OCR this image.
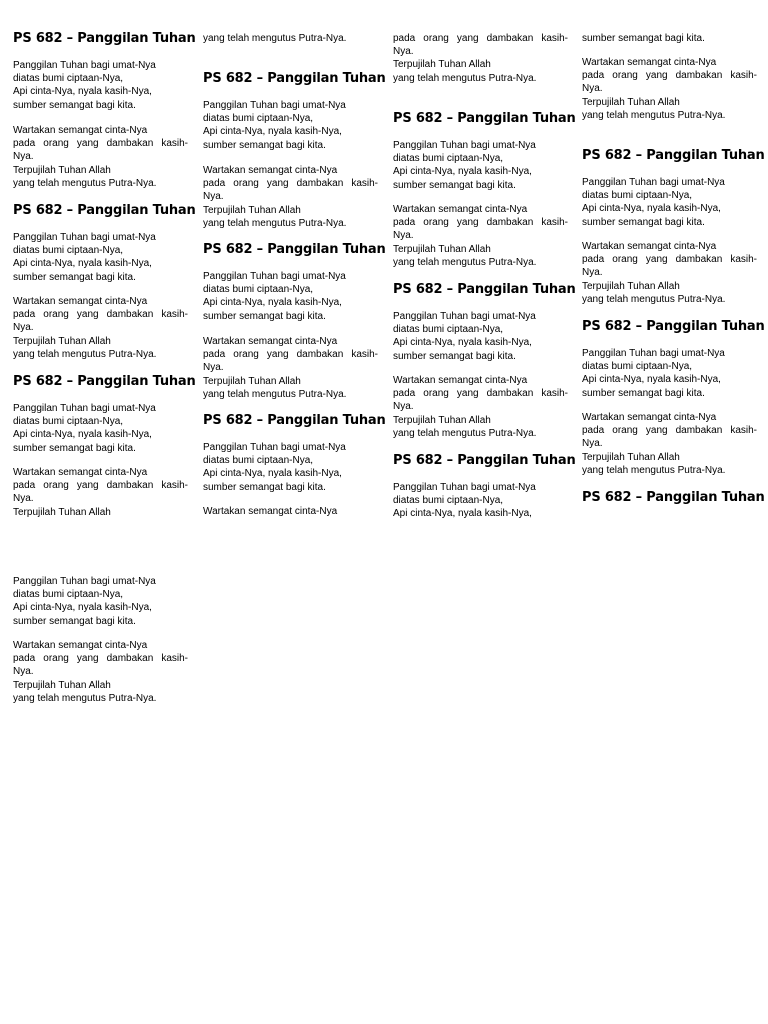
PS 682 – Panggilan Tuhan
Panggilan Tuhan bagi umat-Nya
diatas bumi ciptaan-Nya,
Api cinta-Nya, nyala kasih-Nya,
sumber semangat bagi kita.
Wartakan semangat cinta-Nya
pada orang yang dambakan kasih-
Nya.
Terpujilah Tuhan Allah
yang telah mengutus Putra-Nya.
PS 682 – Panggilan Tuhan
Panggilan Tuhan bagi umat-Nya
diatas bumi ciptaan-Nya,
Api cinta-Nya, nyala kasih-Nya,
sumber semangat bagi kita.
Wartakan semangat cinta-Nya
pada orang yang dambakan kasih-
Nya.
Terpujilah Tuhan Allah
yang telah mengutus Putra-Nya.
PS 682 – Panggilan Tuhan
Panggilan Tuhan bagi umat-Nya
diatas bumi ciptaan-Nya,
Api cinta-Nya, nyala kasih-Nya,
sumber semangat bagi kita.
Wartakan semangat cinta-Nya
pada orang yang dambakan kasih-
Nya.
Terpujilah Tuhan Allah
Panggilan Tuhan bagi umat-Nya
diatas bumi ciptaan-Nya,
Api cinta-Nya, nyala kasih-Nya,
sumber semangat bagi kita.
Wartakan semangat cinta-Nya
pada orang yang dambakan kasih-
Nya.
Terpujilah Tuhan Allah
yang telah mengutus Putra-Nya.
yang telah mengutus Putra-Nya.
PS 682 – Panggilan Tuhan
Panggilan Tuhan bagi umat-Nya
diatas bumi ciptaan-Nya,
Api cinta-Nya, nyala kasih-Nya,
sumber semangat bagi kita.
Wartakan semangat cinta-Nya
pada orang yang dambakan kasih-
Nya.
Terpujilah Tuhan Allah
yang telah mengutus Putra-Nya.
PS 682 – Panggilan Tuhan
Panggilan Tuhan bagi umat-Nya
diatas bumi ciptaan-Nya,
Api cinta-Nya, nyala kasih-Nya,
sumber semangat bagi kita.
Wartakan semangat cinta-Nya
pada orang yang dambakan kasih-
Nya.
Terpujilah Tuhan Allah
yang telah mengutus Putra-Nya.
PS 682 – Panggilan Tuhan
Panggilan Tuhan bagi umat-Nya
diatas bumi ciptaan-Nya,
Api cinta-Nya, nyala kasih-Nya,
sumber semangat bagi kita.
Wartakan semangat cinta-Nya
pada orang yang dambakan kasih-
Nya.
Terpujilah Tuhan Allah
yang telah mengutus Putra-Nya.
PS 682 – Panggilan Tuhan
Panggilan Tuhan bagi umat-Nya
diatas bumi ciptaan-Nya,
Api cinta-Nya, nyala kasih-Nya,
sumber semangat bagi kita.
Wartakan semangat cinta-Nya
pada orang yang dambakan kasih-
Nya.
Terpujilah Tuhan Allah
yang telah mengutus Putra-Nya.
PS 682 – Panggilan Tuhan
Panggilan Tuhan bagi umat-Nya
diatas bumi ciptaan-Nya,
Api cinta-Nya, nyala kasih-Nya,
sumber semangat bagi kita.
Wartakan semangat cinta-Nya
pada orang yang dambakan kasih-
Nya.
Terpujilah Tuhan Allah
yang telah mengutus Putra-Nya.
PS 682 – Panggilan Tuhan
Panggilan Tuhan bagi umat-Nya
diatas bumi ciptaan-Nya,
Api cinta-Nya, nyala kasih-Nya,
sumber semangat bagi kita.
Wartakan semangat cinta-Nya
pada orang yang dambakan kasih-
Nya.
Terpujilah Tuhan Allah
yang telah mengutus Putra-Nya.
PS 682 – Panggilan Tuhan
Panggilan Tuhan bagi umat-Nya
diatas bumi ciptaan-Nya,
Api cinta-Nya, nyala kasih-Nya,
sumber semangat bagi kita.
Wartakan semangat cinta-Nya
pada orang yang dambakan kasih-
Nya.
Terpujilah Tuhan Allah
yang telah mengutus Putra-Nya.
PS 682 – Panggilan Tuhan
Panggilan Tuhan bagi umat-Nya
diatas bumi ciptaan-Nya,
Api cinta-Nya, nyala kasih-Nya,
sumber semangat bagi kita.
Wartakan semangat cinta-Nya
pada orang yang dambakan kasih-
Nya.
Terpujilah Tuhan Allah
yang telah mengutus Putra-Nya.
PS 682 – Panggilan Tuhan
